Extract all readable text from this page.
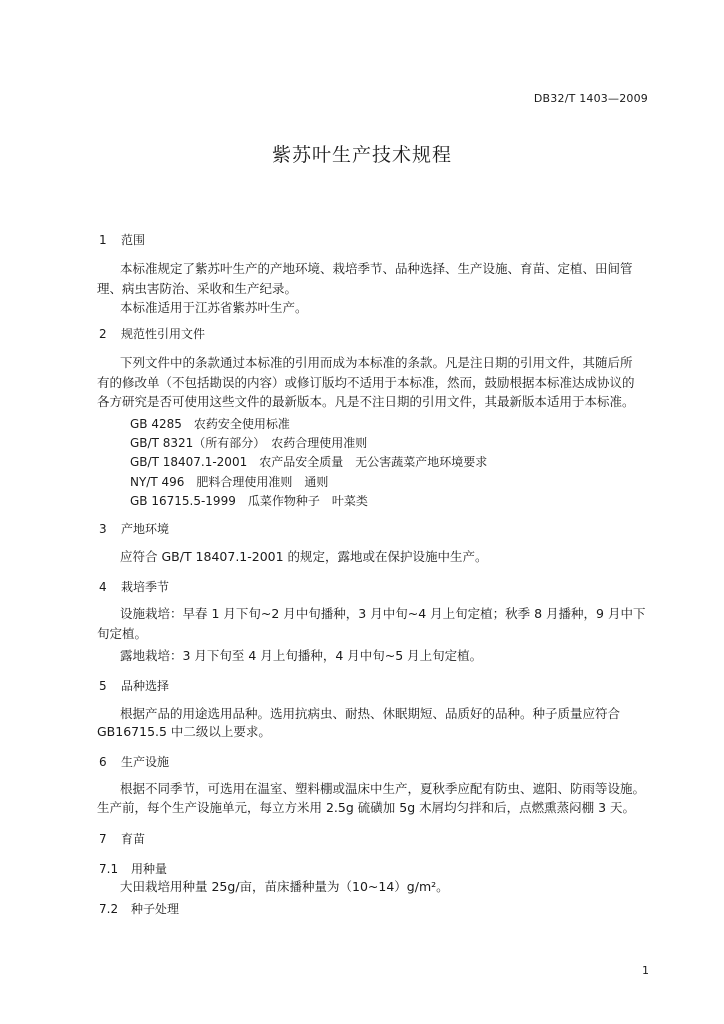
DB32/T 1403—2009
紫苏叶生产技术规程
1 范围
本标准规定了紫苏叶生产的产地环境、栽培季节、品种选择、生产设施、育苗、定植、田间管
理、病虫害防治、采收和生产纪录。
本标准适用于江苏省紫苏叶生产。
2 规范性引用文件
下列文件中的条款通过本标准的引用而成为本标准的条款。凡是注日期的引用文件，其随后所
有的修改单（不包括勘误的内容）或修订版均不适用于本标准，然而，鼓励根据本标准达成协议的
各方研究是否可使用这些文件的最新版本。凡是不注日期的引用文件，其最新版本适用于本标准。
GB 4285　农药安全使用标准
GB/T 8321（所有部分）　农药合理使用准则
GB/T 18407.1-2001　农产品安全质量　无公害蔬菜产地环境要求
NY/T 496　肥料合理使用准则　通则
GB 16715.5-1999　瓜菜作物种子　叶菜类
3 产地环境
应符合 GB/T 18407.1-2001 的规定，露地或在保护设施中生产。
4 栽培季节
设施栽培：早春 1 月下旬~2 月中旬播种，3 月中旬~4 月上旬定植；秋季 8 月播种，9 月中下
旬定植。
露地栽培：3 月下旬至 4 月上旬播种，4 月中旬~5 月上旬定植。
5 品种选择
根据产品的用途选用品种。选用抗病虫、耐热、休眠期短、品质好的品种。种子质量应符合
GB16715.5 中二级以上要求。
6 生产设施
根据不同季节，可选用在温室、塑料棚或温床中生产，夏秋季应配有防虫、遮阳、防雨等设施。
生产前，每个生产设施单元，每立方米用 2.5g 硫磺加 5g 木屑均匀拌和后，点燃熏蒸闷棚 3 天。
7 育苗
7.1 用种量
大田栽培用种量 25g/亩，苗床播种量为（10~14）g/m²。
7.2 种子处理
1
